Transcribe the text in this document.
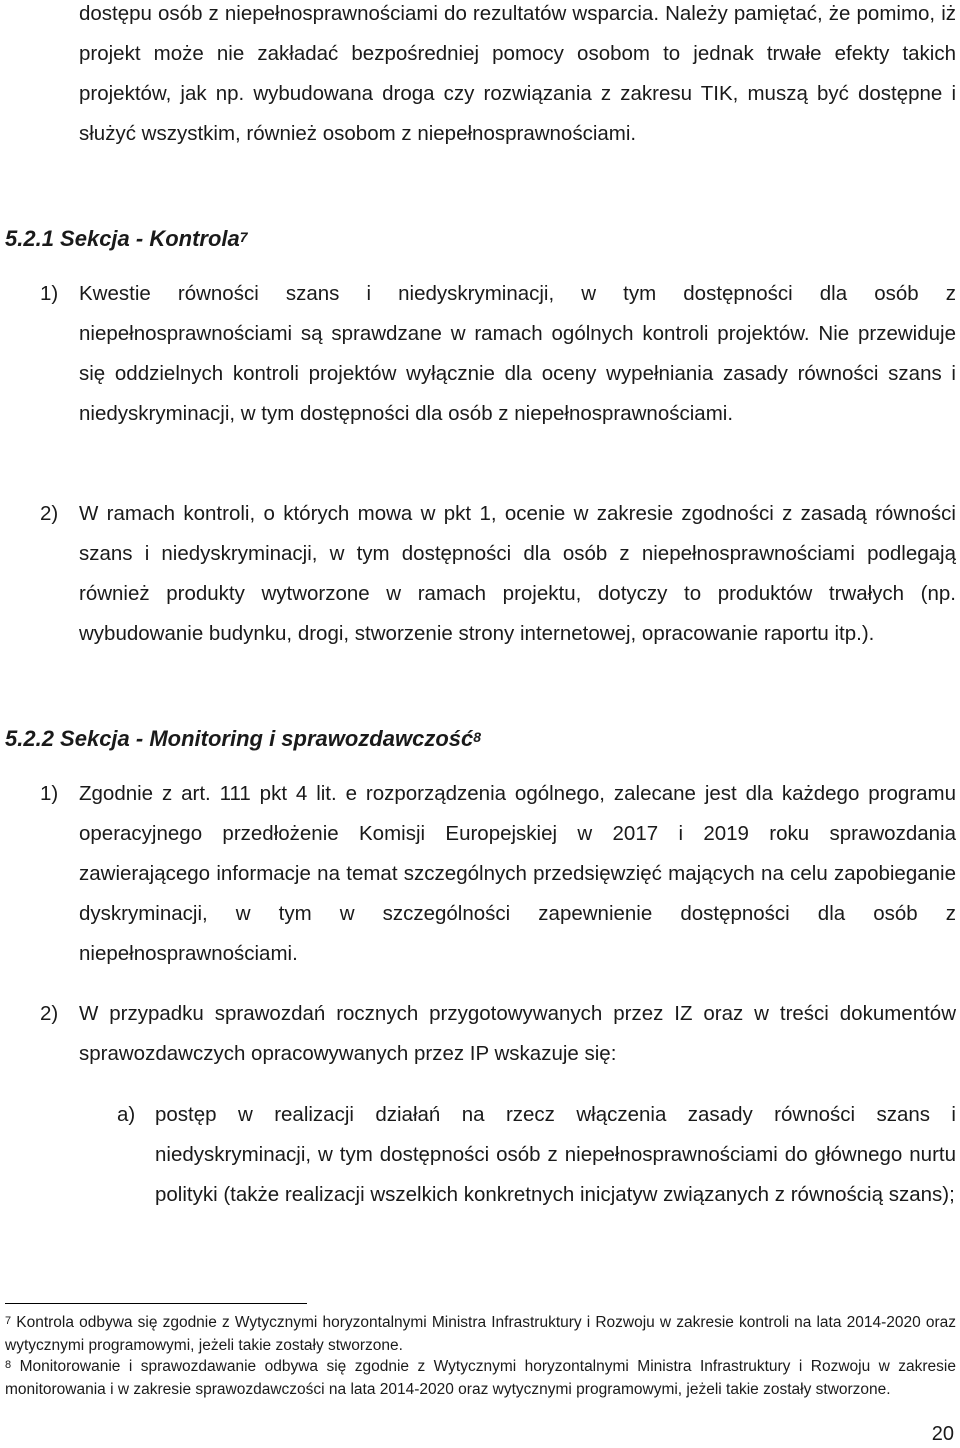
dostępu osób z niepełnosprawnościami do rezultatów wsparcia. Należy pamiętać, że pomimo, iż projekt może nie zakładać bezpośredniej pomocy osobom to jednak trwałe efekty takich projektów, jak np. wybudowana droga czy rozwiązania z zakresu TIK, muszą być dostępne i służyć wszystkim, również osobom z niepełnosprawnościami.

5.2.1 Sekcja - Kontrola$^7$
1) Kwestie równości szans i niedyskryminacji, w tym dostępności dla osób z niepełnosprawnościami są sprawdzane w ramach ogólnych kontroli projektów. Nie przewiduje się oddzielnych kontroli projektów wyłącznie dla oceny wypełniania zasady równości szans i niedyskryminacji, w tym dostępności dla osób z niepełnosprawnościami.

2) W ramach kontroli, o których mowa w pkt 1, ocenie w zakresie zgodności z zasadą równości szans i niedyskryminacji, w tym dostępności dla osób z niepełnosprawnościami podlegają również produkty wytworzone w ramach projektu, dotyczy to produktów trwałych (np. wybudowanie budynku, drogi, stworzenie strony internetowej, opracowanie raportu itp.).

5.2.2 Sekcja - Monitoring i sprawozdawczość$^8$
1) Zgodnie z art. 111 pkt 4 lit. e rozporządzenia ogólnego, zalecane jest dla każdego programu operacyjnego przedłożenie Komisji Europejskiej w 2017 i 2019 roku sprawozdania zawierającego informacje na temat szczególnych przedsięwzięć mających na celu zapobieganie dyskryminacji, w tym w szczególności zapewnienie dostępności dla osób z niepełnosprawnościami.

2) W przypadku sprawozdań rocznych przygotowywanych przez IZ oraz w treści dokumentów sprawozdawczych opracowywanych przez IP wskazuje się:

a) postęp w realizacji działań na rzecz włączenia zasady równości szans i niedyskryminacji, w tym dostępności osób z niepełnosprawnościami do głównego nurtu polityki (także realizacji wszelkich konkretnych inicjatyw związanych z równością szans);

$^7$ Kontrola odbywa się zgodnie z Wytycznymi horyzontalnymi Ministra Infrastruktury i Rozwoju w zakresie kontroli na lata 2014-2020 oraz wytycznymi programowymi, jeżeli takie zostały stworzone.

$^8$ Monitorowanie i sprawozdawanie odbywa się zgodnie z Wytycznymi horyzontalnymi Ministra Infrastruktury i Rozwoju w zakresie monitorowania i w zakresie sprawozdawczości na lata 2014-2020 oraz wytycznymi programowymi, jeżeli takie zostały stworzone.

20
